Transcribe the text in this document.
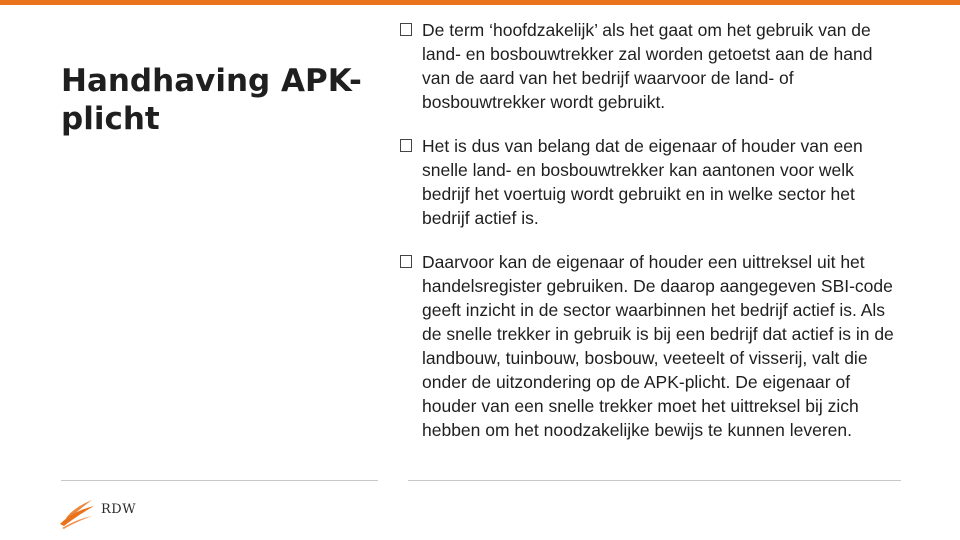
Handhaving APK-plicht
De term ‘hoofdzakelijk’ als het gaat om het gebruik van de land- en bosbouwtrekker zal worden getoetst aan de hand van de aard van het bedrijf waarvoor de land- of bosbouwtrekker wordt gebruikt.
Het is dus van belang dat de eigenaar of houder van een snelle land- en bosbouwtrekker kan aantonen voor welk bedrijf het voertuig wordt gebruikt en in welke sector het bedrijf actief is.
Daarvoor kan de eigenaar of houder een uittreksel uit het handelsregister gebruiken. De daarop aangegeven SBI-code geeft inzicht in de sector waarbinnen het bedrijf actief is. Als de snelle trekker in gebruik is bij een bedrijf dat actief is in de landbouw, tuinbouw, bosbouw, veeteelt of visserij, valt die onder de uitzondering op de APK-plicht. De eigenaar of houder van een snelle trekker moet het uittreksel bij zich hebben om het noodzakelijke bewijs te kunnen leveren.
RDW
